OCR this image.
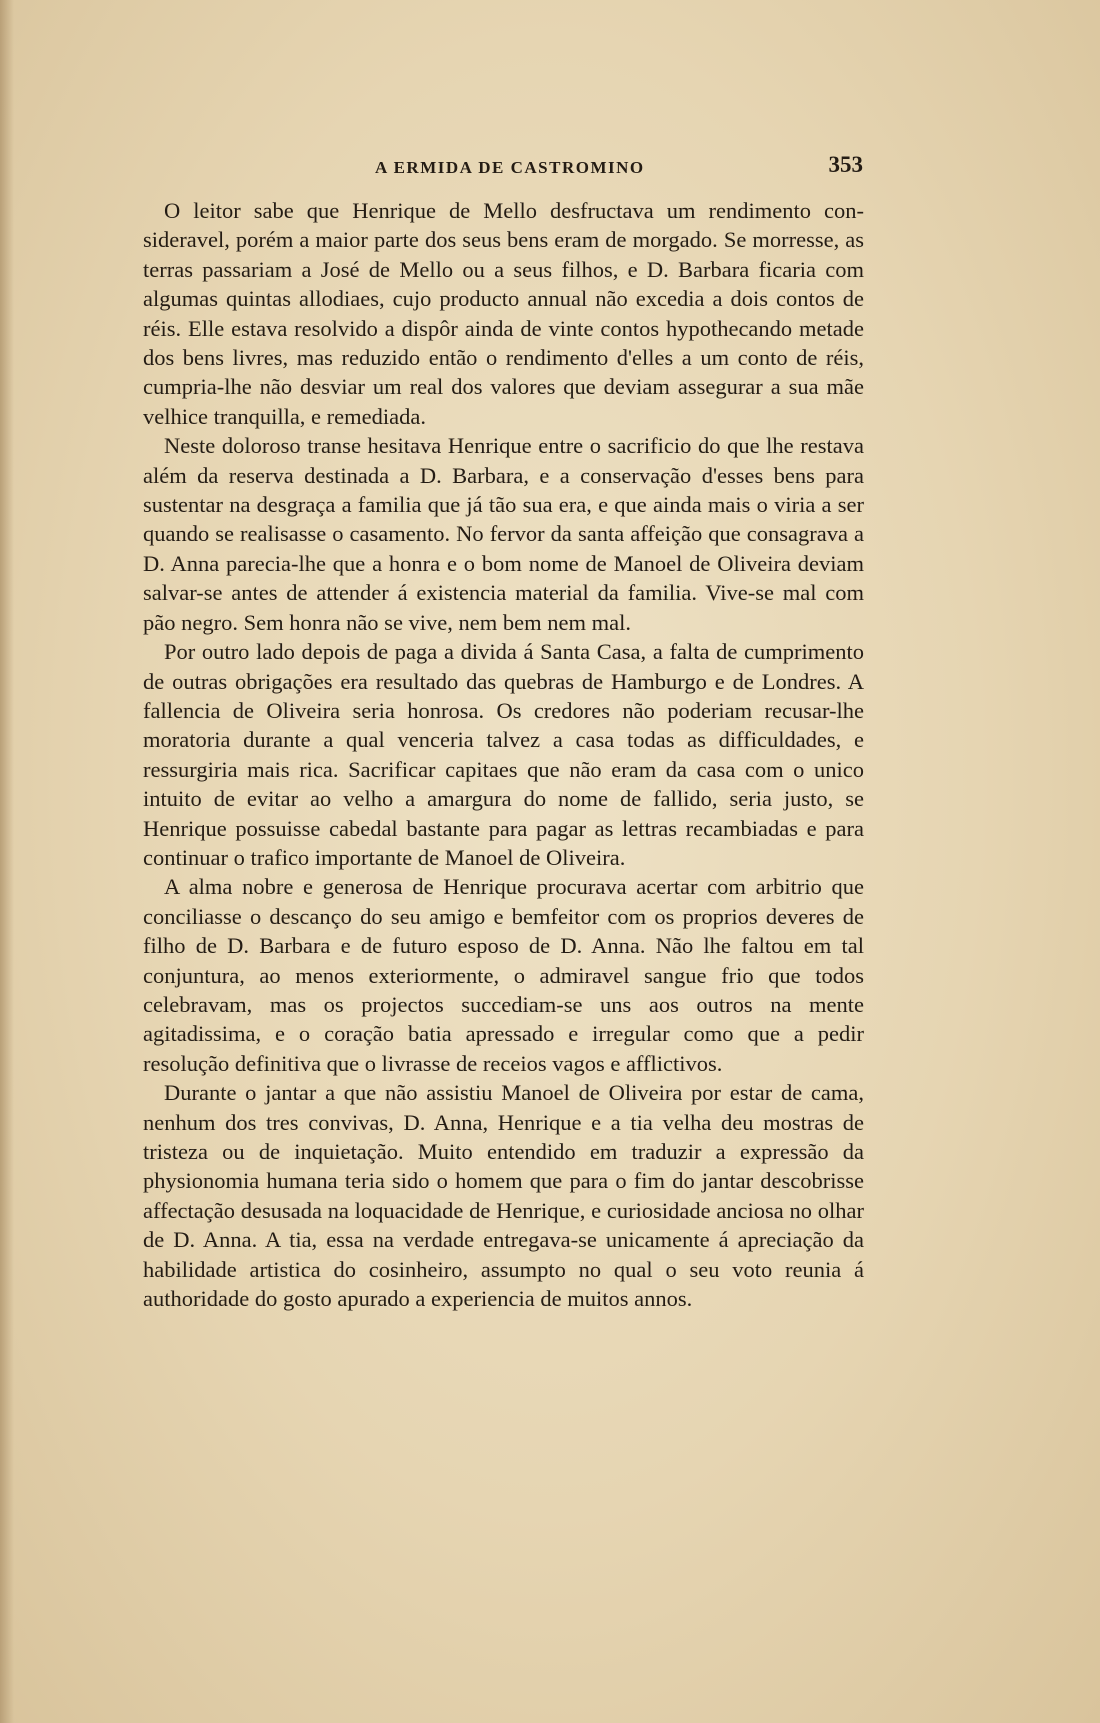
A ERMIDA DE CASTROMINO	353

O leitor sabe que Henrique de Mello desfructava um rendimento consideravel, porém a maior parte dos seus bens eram de morgado. Se morresse, as terras passariam a José de Mello ou a seus filhos, e D. Barbara ficaria com algumas quintas allodiaes, cujo producto annual não excedia a dois contos de réis. Elle estava resolvido a dispôr ainda de vinte contos hypothecando metade dos bens livres, mas reduzido então o rendimento d'elles a um conto de réis, cumpria-lhe não desviar um real dos valores que deviam assegurar a sua mãe velhice tranquilla, e remediada.

Neste doloroso transe hesitava Henrique entre o sacrificio do que lhe restava além da reserva destinada a D. Barbara, e a conservação d'esses bens para sustentar na desgraça a familia que já tão sua era, e que ainda mais o viria a ser quando se realisasse o casamento. No fervor da santa affeição que consagrava a D. Anna parecia-lhe que a honra e o bom nome de Manoel de Oliveira deviam salvar-se antes de attender á existencia material da familia. Vive-se mal com pão negro. Sem honra não se vive, nem bem nem mal.

Por outro lado depois de paga a divida á Santa Casa, a falta de cumprimento de outras obrigações era resultado das quebras de Hamburgo e de Londres. A fallencia de Oliveira seria honrosa. Os credores não poderiam recusar-lhe moratoria durante a qual venceria talvez a casa todas as difficuldades, e ressurgiria mais rica. Sacrificar capitaes que não eram da casa com o unico intuito de evitar ao velho a amargura do nome de fallido, seria justo, se Henrique possuisse cabedal bastante para pagar as lettras recambiadas e para continuar o trafico importante de Manoel de Oliveira.

A alma nobre e generosa de Henrique procurava acertar com arbitrio que conciliasse o descanço do seu amigo e bemfeitor com os proprios deveres de filho de D. Barbara e de futuro esposo de D. Anna. Não lhe faltou em tal conjuntura, ao menos exteriormente, o admiravel sangue frio que todos celebravam, mas os projectos succediam-se uns aos outros na mente agitadissima, e o coração batia apressado e irregular como que a pedir resolução definitiva que o livrasse de receios vagos e afflictivos.

Durante o jantar a que não assistiu Manoel de Oliveira por estar de cama, nenhum dos tres convivas, D. Anna, Henrique e a tia velha deu mostras de tristeza ou de inquietação. Muito entendido em traduzir a expressão da physionomia humana teria sido o homem que para o fim do jantar descobrisse affectação desusada na loquacidade de Henrique, e curiosidade anciosa no olhar de D. Anna. A tia, essa na verdade entregava-se unicamente á apreciação da habilidade artistica do cosinheiro, assumpto no qual o seu voto reunia á authoridade do gosto apurado a experiencia de muitos annos.
